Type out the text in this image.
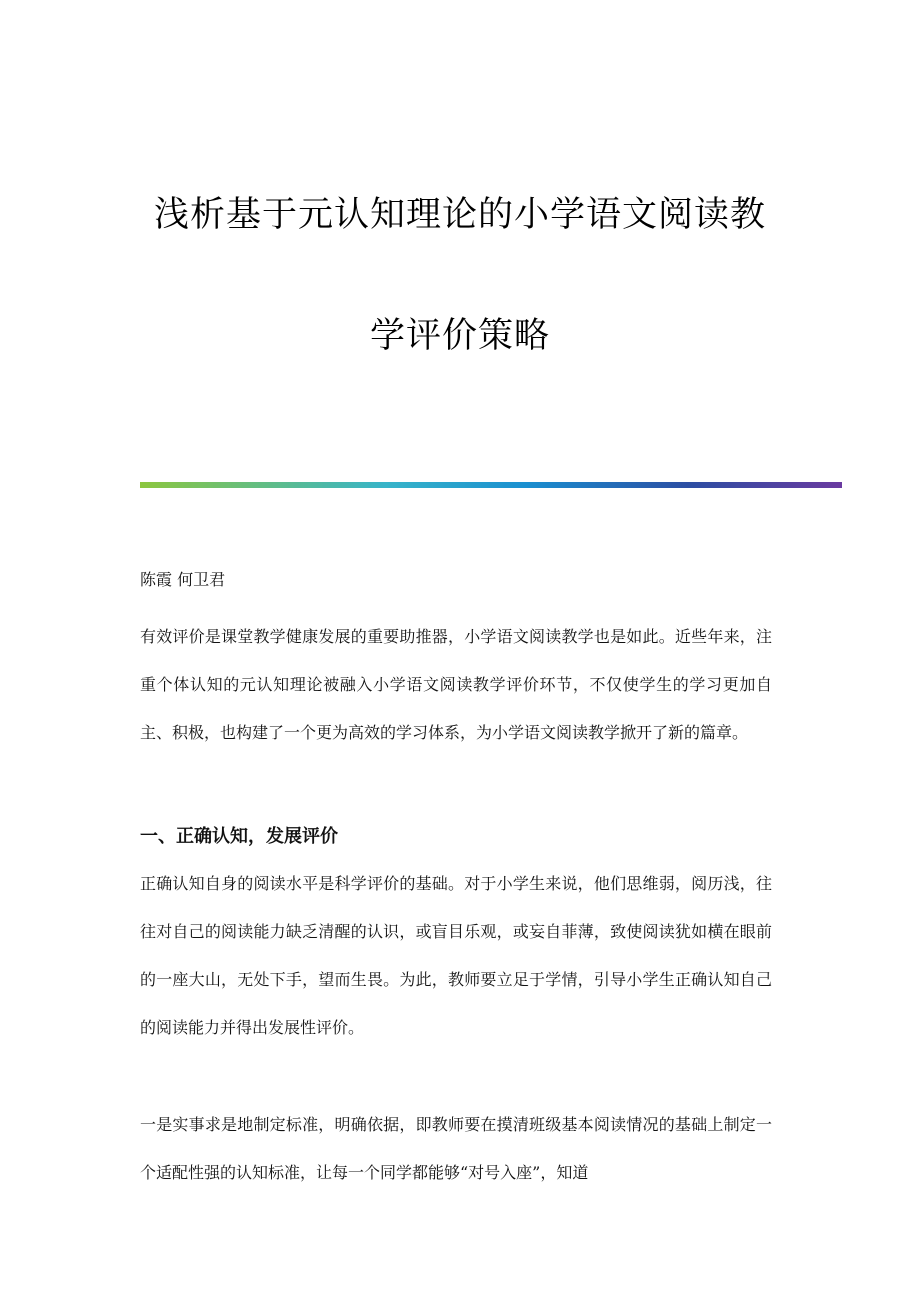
浅析基于元认知理论的小学语文阅读教
学评价策略

陈霞 何卫君

有效评价是课堂教学健康发展的重要助推器，小学语文阅读教学也是如此。近些年来，注重个体认知的元认知理论被融入小学语文阅读教学评价环节，不仅使学生的学习更加自主、积极，也构建了一个更为高效的学习体系，为小学语文阅读教学掀开了新的篇章。

一、正确认知，发展评价

正确认知自身的阅读水平是科学评价的基础。对于小学生来说，他们思维弱，阅历浅，往往对自己的阅读能力缺乏清醒的认识，或盲目乐观，或妄自菲薄，致使阅读犹如横在眼前的一座大山，无处下手，望而生畏。为此，教师要立足于学情，引导小学生正确认知自己的阅读能力并得出发展性评价。

一是实事求是地制定标准，明确依据，即教师要在摸清班级基本阅读情况的基础上制定一个适配性强的认知标准，让每一个同学都能够“对号入座”，知道
